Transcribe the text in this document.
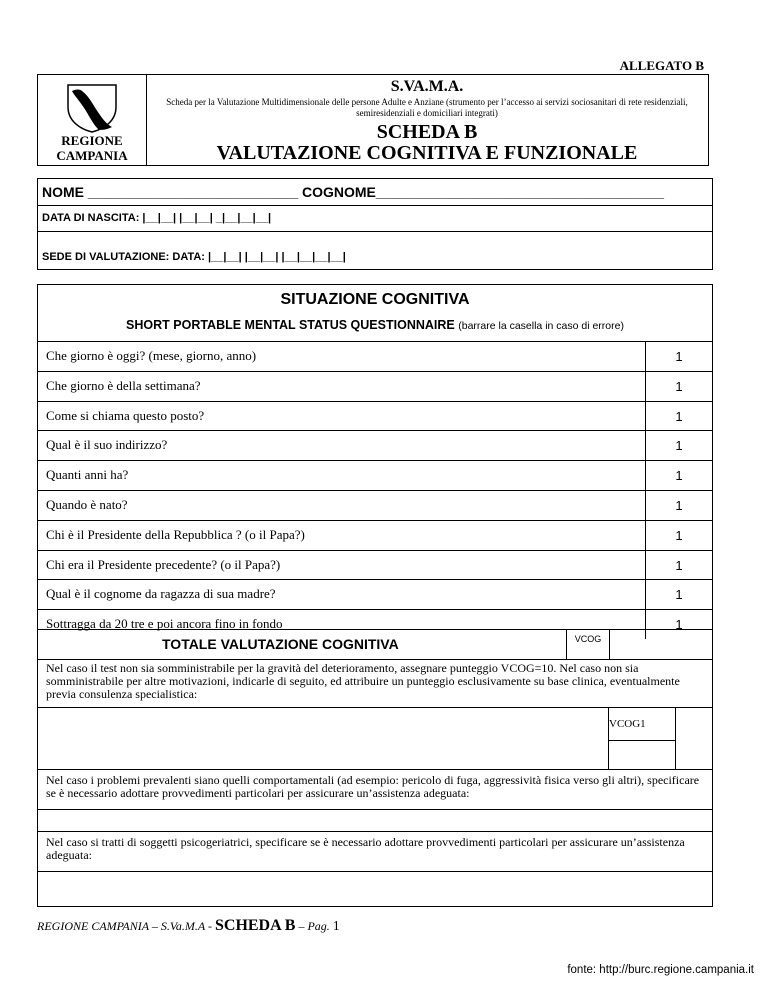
ALLEGATO B
REGIONE
CAMPANIA
S.VA.M.A.
Scheda per la Valutazione Multidimensionale delle persone Adulte e Anziane (strumento per l’accesso ai servizi sociosanitari di rete residenziali, semiresidenziali e domiciliari integrati)
SCHEDA B
VALUTAZIONE COGNITIVA E FUNZIONALE
NOME ___________________________ COGNOME_____________________________________
DATA DI NASCITA: |__|__| |__|__| _|__|__|__|
SEDE DI VALUTAZIONE: DATA: |__|__| |__|__| |__|__|__|__|
SITUAZIONE COGNITIVA
SHORT PORTABLE MENTAL STATUS QUESTIONNAIRE (barrare la casella in caso di errore)
Che giorno è oggi? (mese, giorno, anno)	1
Che giorno è della settimana?	1
Come si chiama questo posto?	1
Qual è il suo indirizzo?	1
Quanti anni ha?	1
Quando è nato?	1
Chi è il Presidente della Repubblica ? (o il Papa?)	1
Chi era il Presidente precedente? (o il Papa?)	1
Qual è il cognome da ragazza di sua madre?	1
Sottragga da 20 tre e poi ancora fino in fondo	1
TOTALE VALUTAZIONE COGNITIVA	VCOG
Nel caso il test non sia somministrabile per la gravità del deterioramento, assegnare punteggio VCOG=10. Nel caso non sia somministrabile per altre motivazioni, indicarle di seguito, ed attribuire un punteggio esclusivamente su base clinica, eventualmente previa consulenza specialistica:
VCOG1
Nel caso i problemi prevalenti siano quelli comportamentali (ad esempio: pericolo di fuga, aggressività fisica verso gli altri), specificare se è necessario adottare provvedimenti particolari per assicurare un’assistenza adeguata:
Nel caso si tratti di soggetti psicogeriatrici, specificare se è necessario adottare provvedimenti particolari per assicurare un’assistenza adeguata:
REGIONE CAMPANIA – S.Va.M.A - SCHEDA B – Pag. 1
fonte: http://burc.regione.campania.it
